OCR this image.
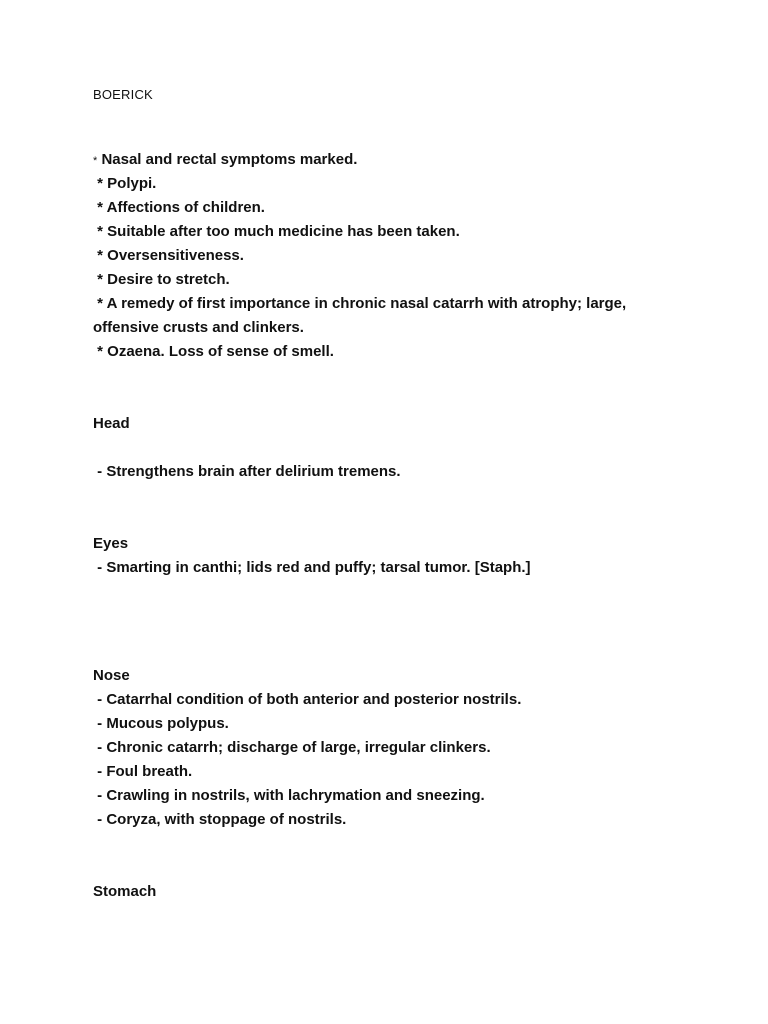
BOERICK
* Nasal and rectal symptoms marked.
* Polypi.
* Affections of children.
* Suitable after too much medicine has been taken.
* Oversensitiveness.
* Desire to stretch.
* A remedy of first importance in chronic nasal catarrh with atrophy; large, offensive crusts and clinkers.
* Ozaena. Loss of sense of smell.
Head
- Strengthens brain after delirium tremens.
Eyes
- Smarting in canthi; lids red and puffy; tarsal tumor. [Staph.]
Nose
- Catarrhal condition of both anterior and posterior nostrils.
- Mucous polypus.
- Chronic catarrh; discharge of large, irregular clinkers.
- Foul breath.
- Crawling in nostrils, with lachrymation and sneezing.
- Coryza, with stoppage of nostrils.
Stomach
